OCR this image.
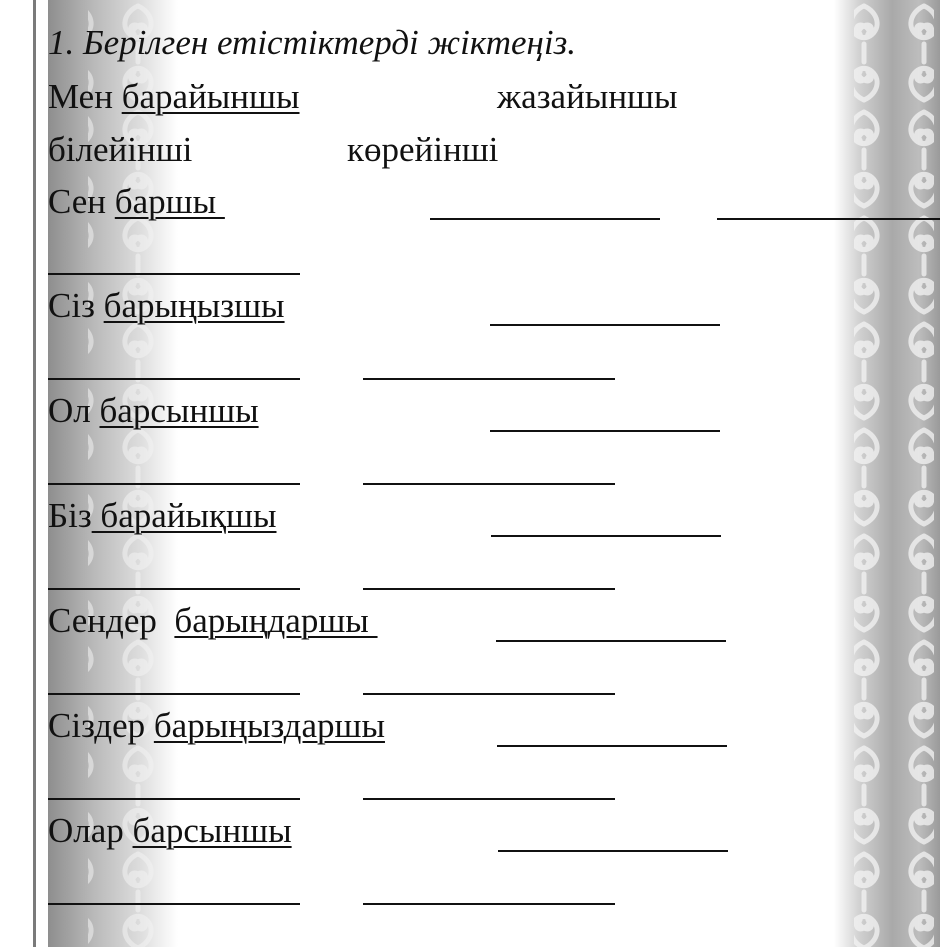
1. Берілген етістіктерді жіктеңіз.
Мен барайыншы	жазайыншы
білейінші	көрейінші
Сен баршы
Сіз барыңызшы
Ол барсыншы
Біз барайықшы
Сендер барыңдаршы
Сіздер барыңыздаршы
Олар барсыншы
